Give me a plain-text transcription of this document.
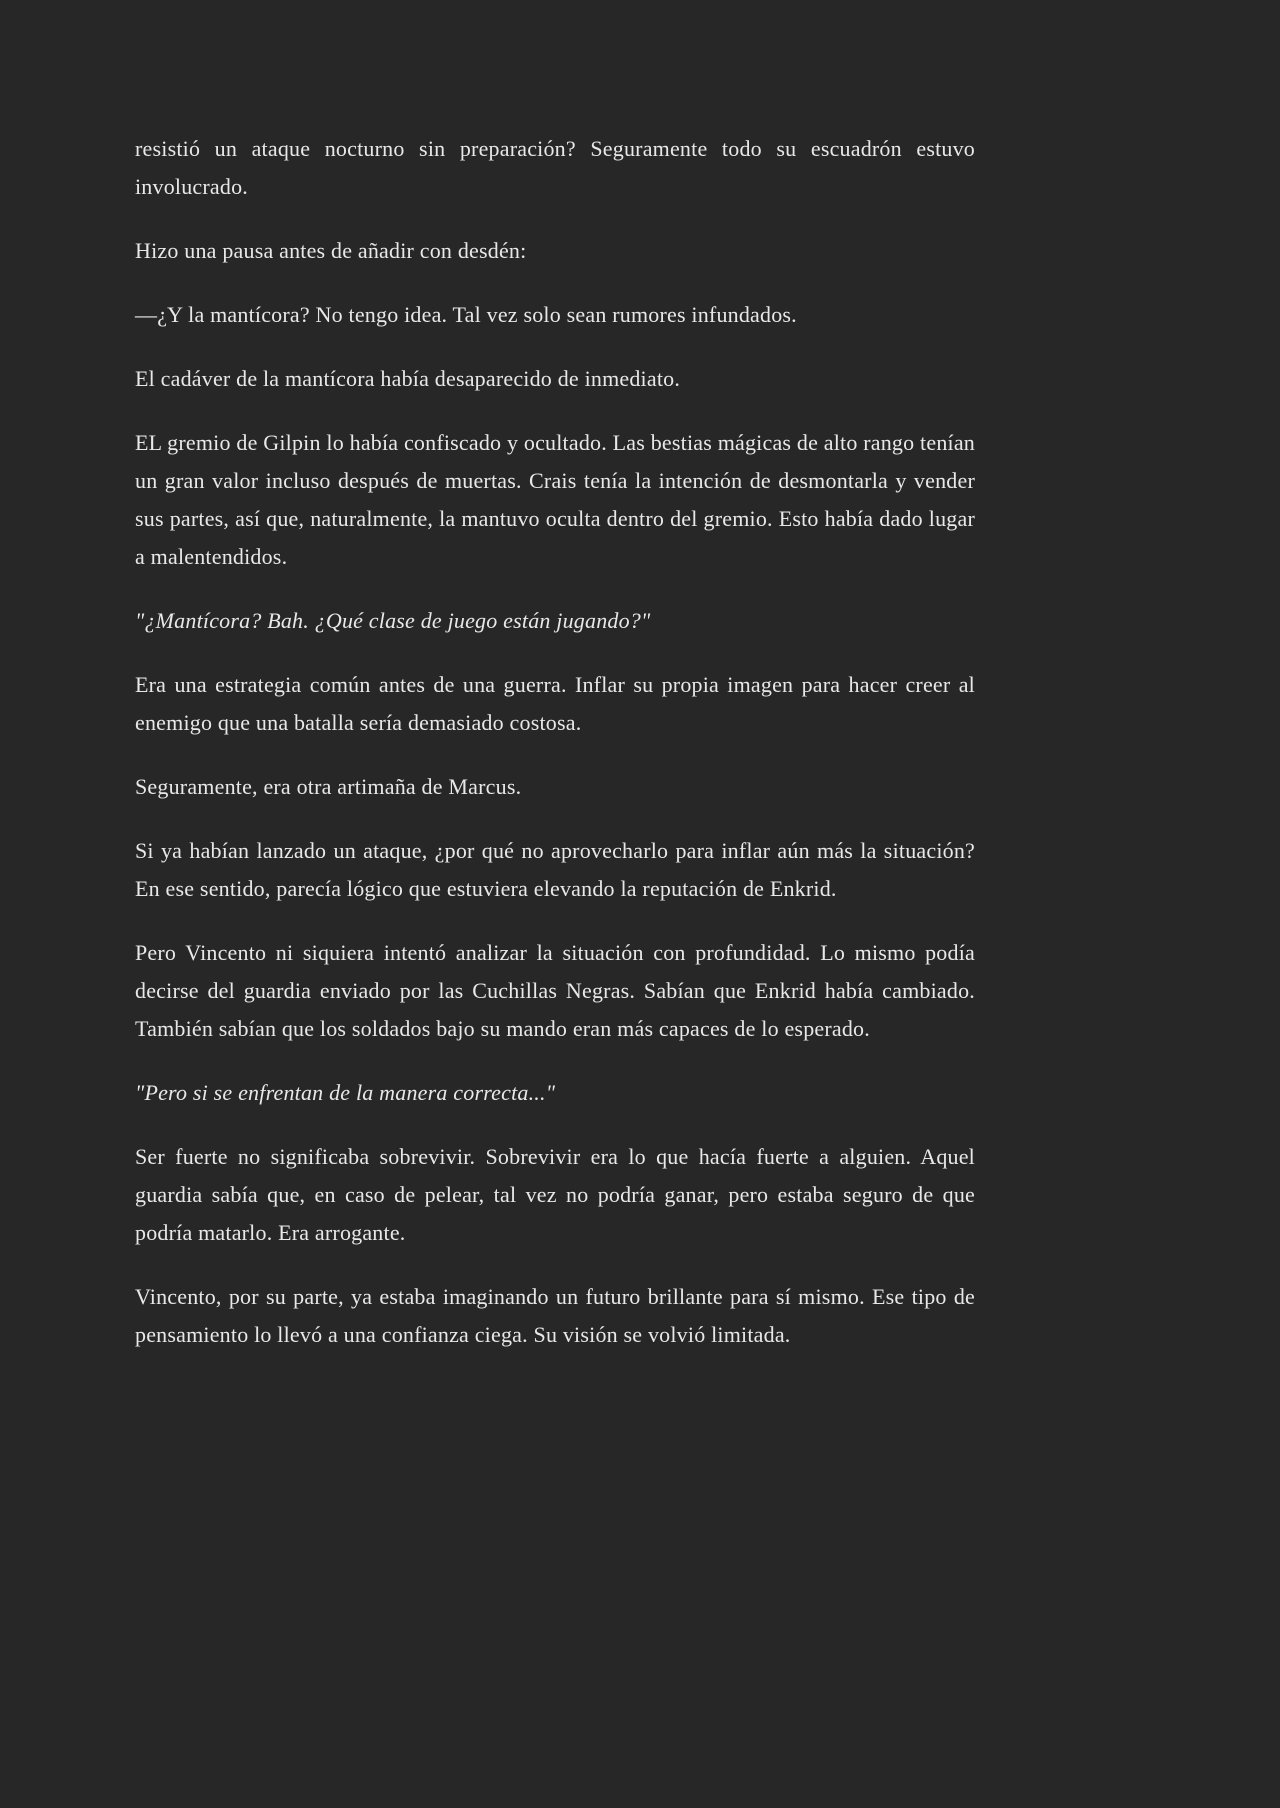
resistió un ataque nocturno sin preparación? Seguramente todo su escuadrón estuvo involucrado.

Hizo una pausa antes de añadir con desdén:

—¿Y la mantícora? No tengo idea. Tal vez solo sean rumores infundados.

El cadáver de la mantícora había desaparecido de inmediato.

EL gremio de Gilpin lo había confiscado y ocultado. Las bestias mágicas de alto rango tenían un gran valor incluso después de muertas. Crais tenía la intención de desmontarla y vender sus partes, así que, naturalmente, la mantuvo oculta dentro del gremio. Esto había dado lugar a malentendidos.

"¿Mantícora? Bah. ¿Qué clase de juego están jugando?"

Era una estrategia común antes de una guerra. Inflar su propia imagen para hacer creer al enemigo que una batalla sería demasiado costosa.

Seguramente, era otra artimaña de Marcus.

Si ya habían lanzado un ataque, ¿por qué no aprovecharlo para inflar aún más la situación? En ese sentido, parecía lógico que estuviera elevando la reputación de Enkrid.

Pero Vincento ni siquiera intentó analizar la situación con profundidad. Lo mismo podía decirse del guardia enviado por las Cuchillas Negras. Sabían que Enkrid había cambiado. También sabían que los soldados bajo su mando eran más capaces de lo esperado.

"Pero si se enfrentan de la manera correcta..."

Ser fuerte no significaba sobrevivir. Sobrevivir era lo que hacía fuerte a alguien. Aquel guardia sabía que, en caso de pelear, tal vez no podría ganar, pero estaba seguro de que podría matarlo. Era arrogante.

Vincento, por su parte, ya estaba imaginando un futuro brillante para sí mismo. Ese tipo de pensamiento lo llevó a una confianza ciega. Su visión se volvió limitada.
